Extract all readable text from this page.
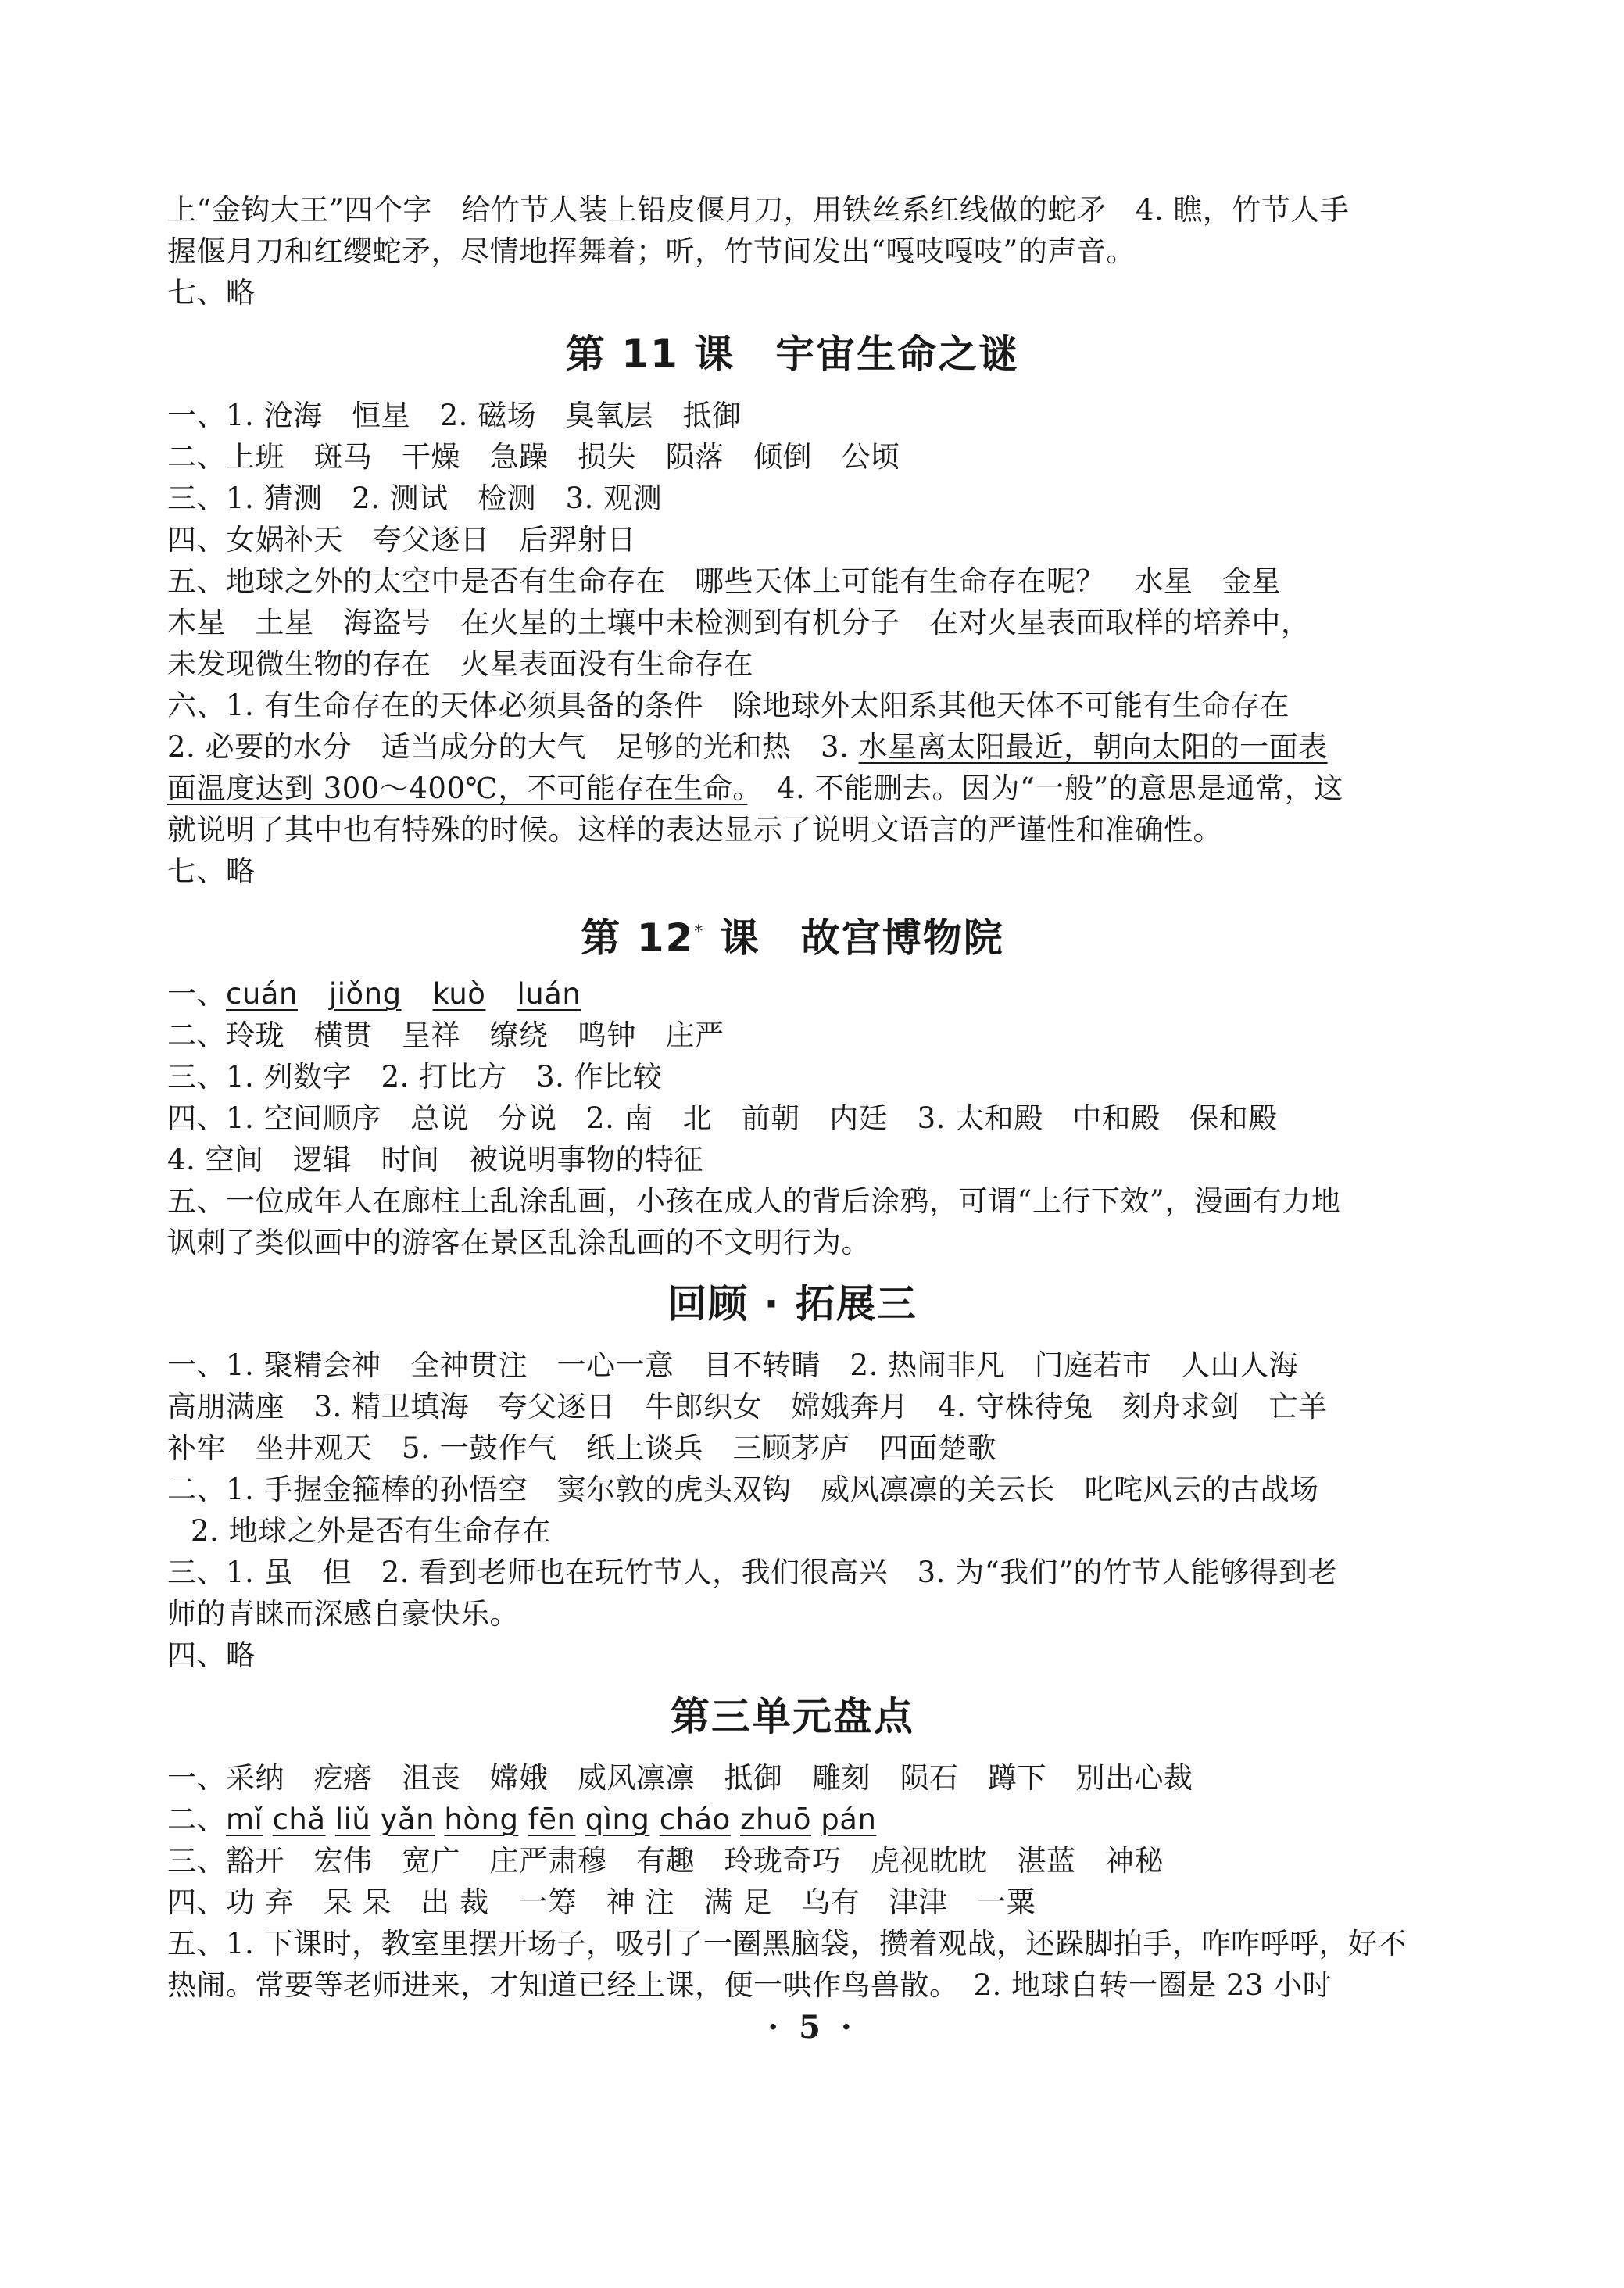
上“金钩大王”四个字　给竹节人装上铅皮偃月刀，用铁丝系红线做的蛇矛　4. 瞧，竹节人手
握偃月刀和红缨蛇矛，尽情地挥舞着；听，竹节间发出“嘎吱嘎吱”的声音。
七、略
第 11 课　宇宙生命之谜
一、1. 沧海　恒星　2. 磁场　臭氧层　抵御
二、上班　斑马　干燥　急躁　损失　陨落　倾倒　公顷
三、1. 猜测　2. 测试　检测　3. 观测
四、女娲补天　夸父逐日　后羿射日
五、地球之外的太空中是否有生命存在　哪些天体上可能有生命存在呢？　水星　金星
木星　土星　海盗号　在火星的土壤中未检测到有机分子　在对火星表面取样的培养中，
未发现微生物的存在　火星表面没有生命存在
六、1. 有生命存在的天体必须具备的条件　除地球外太阳系其他天体不可能有生命存在
2. 必要的水分　适当成分的大气　足够的光和热　3. 水星离太阳最近，朝向太阳的一面表
面温度达到 300～400℃，不可能存在生命。　4. 不能删去。因为“一般”的意思是通常，这
就说明了其中也有特殊的时候。这样的表达显示了说明文语言的严谨性和准确性。
七、略
第 12* 课　故宫博物院
一、cuán jiǒng kuò luán
二、玲珑　横贯　呈祥　缭绕　鸣钟　庄严
三、1. 列数字　2. 打比方　3. 作比较
四、1. 空间顺序　总说　分说　2. 南　北　前朝　内廷　3. 太和殿　中和殿　保和殿
4. 空间　逻辑　时间　被说明事物的特征
五、一位成年人在廊柱上乱涂乱画，小孩在成人的背后涂鸦，可谓“上行下效”，漫画有力地
讽刺了类似画中的游客在景区乱涂乱画的不文明行为。
回顾 · 拓展三
一、1. 聚精会神　全神贯注　一心一意　目不转睛　2. 热闹非凡　门庭若市　人山人海
高朋满座　3. 精卫填海　夸父逐日　牛郎织女　嫦娥奔月　4. 守株待兔　刻舟求剑　亡羊
补牢　坐井观天　5. 一鼓作气　纸上谈兵　三顾茅庐　四面楚歌
二、1. 手握金箍棒的孙悟空　窦尔敦的虎头双钩　威风凛凛的关云长　叱咤风云的古战场
2. 地球之外是否有生命存在
三、1. 虽　但　2. 看到老师也在玩竹节人，我们很高兴　3. 为“我们”的竹节人能够得到老
师的青睐而深感自豪快乐。
四、略
第三单元盘点
一、采纳　疙瘩　沮丧　嫦娥　威风凛凛　抵御　雕刻　陨石　蹲下　别出心裁
二、mǐ chǎ liǔ yǎn hòng fēn qìng cháo zhuō pán
三、豁开　宏伟　宽广　庄严肃穆　有趣　玲珑奇巧　虎视眈眈　湛蓝　神秘
四、功 弃　呆 呆　出 裁　一筹　神 注　满 足　乌有　津津　一粟
五、1. 下课时，教室里摆开场子，吸引了一圈黑脑袋，攒着观战，还跺脚拍手，咋咋呼呼，好不
热闹。常要等老师进来，才知道已经上课，便一哄作鸟兽散。　2. 地球自转一圈是 23 小时
· 5 ·
